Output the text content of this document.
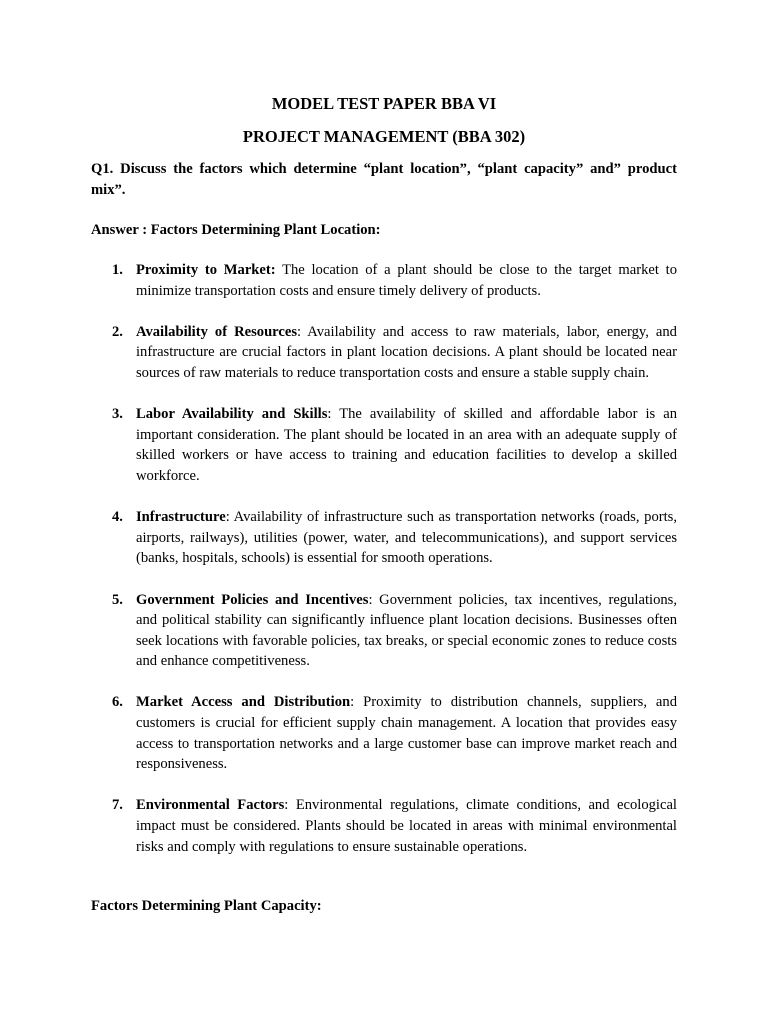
MODEL TEST PAPER BBA VI
PROJECT MANAGEMENT (BBA 302)
Q1. Discuss the factors which determine “plant location”, “plant capacity” and” product mix”.
Answer : Factors Determining Plant Location:
1. Proximity to Market: The location of a plant should be close to the target market to minimize transportation costs and ensure timely delivery of products.
2. Availability of Resources: Availability and access to raw materials, labor, energy, and infrastructure are crucial factors in plant location decisions. A plant should be located near sources of raw materials to reduce transportation costs and ensure a stable supply chain.
3. Labor Availability and Skills: The availability of skilled and affordable labor is an important consideration. The plant should be located in an area with an adequate supply of skilled workers or have access to training and education facilities to develop a skilled workforce.
4. Infrastructure: Availability of infrastructure such as transportation networks (roads, ports, airports, railways), utilities (power, water, and telecommunications), and support services (banks, hospitals, schools) is essential for smooth operations.
5. Government Policies and Incentives: Government policies, tax incentives, regulations, and political stability can significantly influence plant location decisions. Businesses often seek locations with favorable policies, tax breaks, or special economic zones to reduce costs and enhance competitiveness.
6. Market Access and Distribution: Proximity to distribution channels, suppliers, and customers is crucial for efficient supply chain management. A location that provides easy access to transportation networks and a large customer base can improve market reach and responsiveness.
7. Environmental Factors: Environmental regulations, climate conditions, and ecological impact must be considered. Plants should be located in areas with minimal environmental risks and comply with regulations to ensure sustainable operations.
Factors Determining Plant Capacity:
